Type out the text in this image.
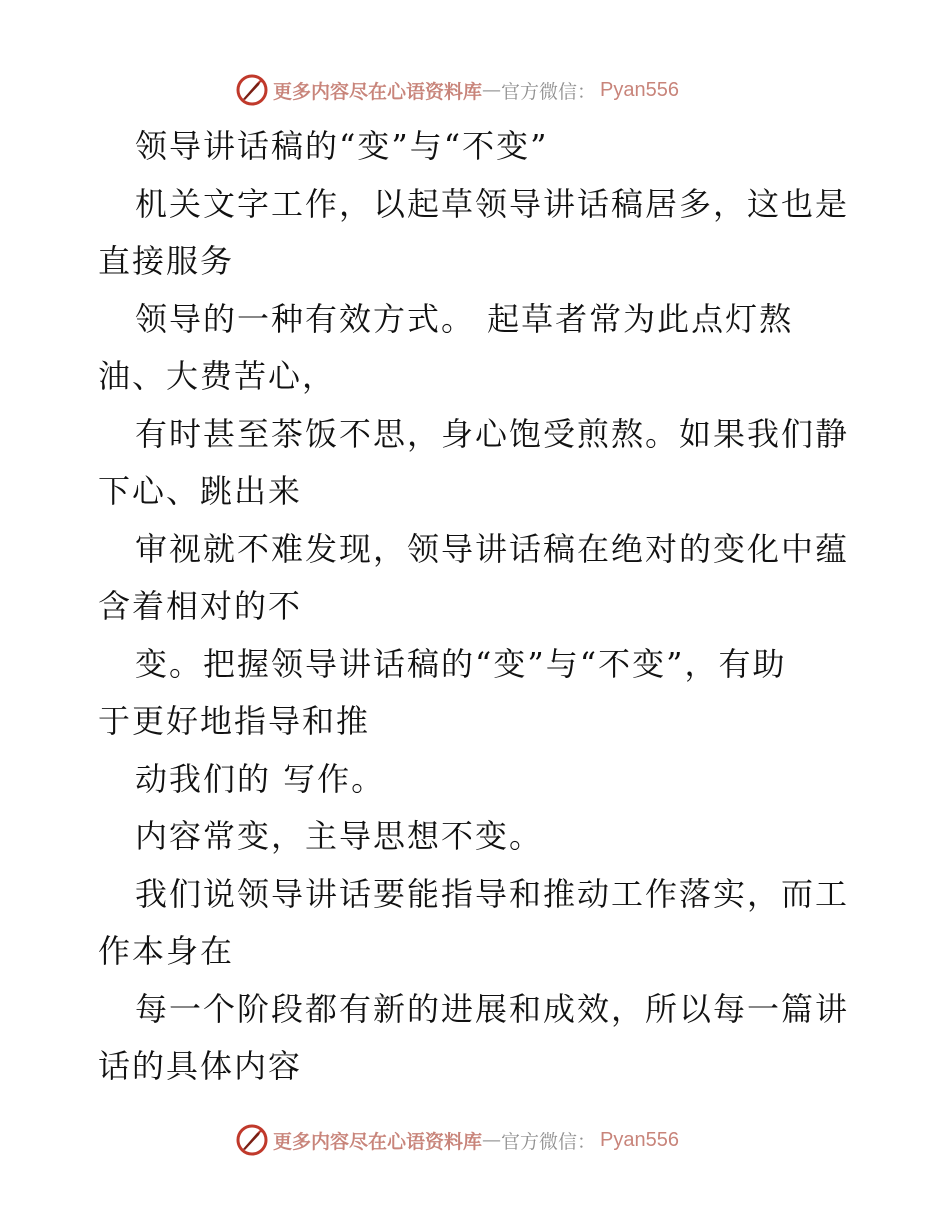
更多内容尽在心语资料库 — 官方微信： Pyan556
领导讲话稿的“变”与“不变”
机关文字工作，以起草领导讲话稿居多，这也是
直接服务
领导的一种有效方式。 起草者常为此点灯熬
油、大费苦心，
有时甚至茶饭不思，身心饱受煎熬。如果我们静
下心、跳出来
审视就不难发现，领导讲话稿在绝对的变化中蕴
含着相对的不
变。把握领导讲话稿的“变”与“不变”，有助
于更好地指导和推
动我们的 写作。
内容常变，主导思想不变。
我们说领导讲话要能指导和推动工作落实，而工
作本身在
每一个阶段都有新的进展和成效，所以每一篇讲
话的具体内容
更多内容尽在心语资料库 — 官方微信： Pyan556
